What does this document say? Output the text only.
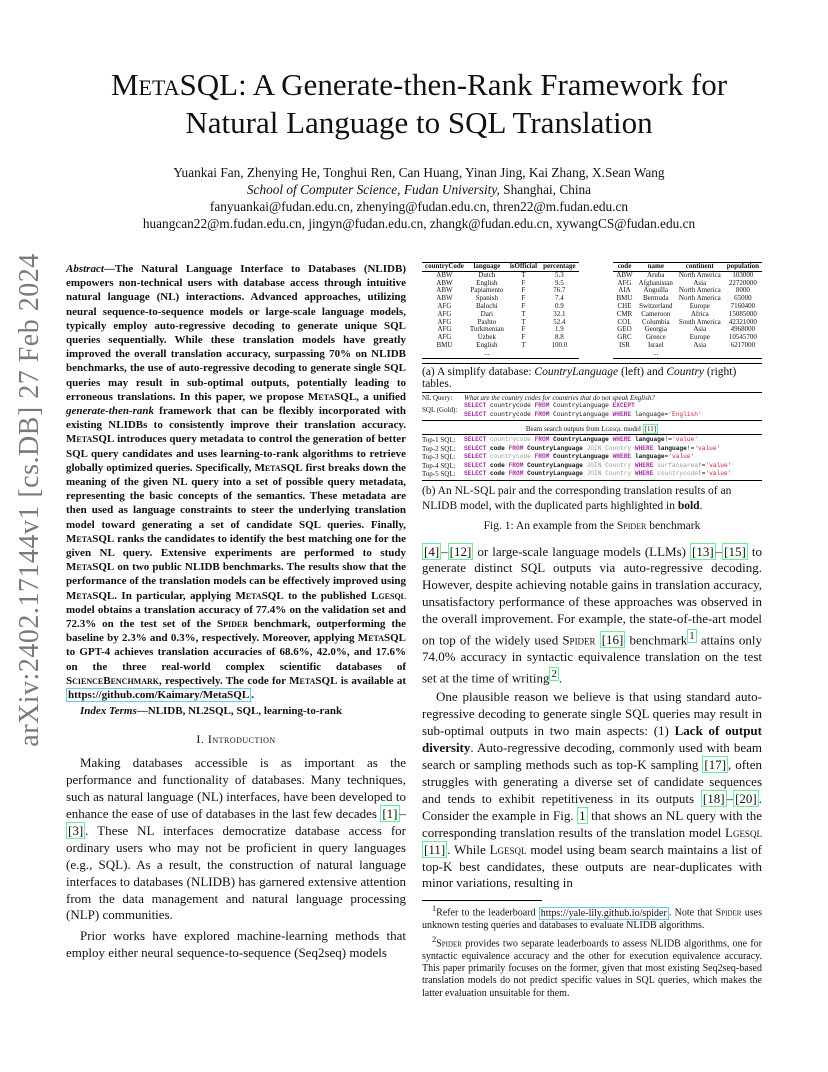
arXiv:2402.17144v1 [cs.DB] 27 Feb 2024
MetaSQL: A Generate-then-Rank Framework for
Natural Language to SQL Translation
Yuankai Fan, Zhenying He, Tonghui Ren, Can Huang, Yinan Jing, Kai Zhang, X.Sean Wang
School of Computer Science, Fudan University, Shanghai, China
fanyuankai@fudan.edu.cn, zhenying@fudan.edu.cn, thren22@m.fudan.edu.cn
huangcan22@m.fudan.edu.cn, jingyn@fudan.edu.cn, zhangk@fudan.edu.cn, xywangCS@fudan.edu.cn

Abstract—The Natural Language Interface to Databases (NLIDB) empowers non-technical users with database access through intuitive natural language (NL) interactions. Advanced approaches, utilizing neural sequence-to-sequence models or large-scale language models, typically employ auto-regressive decoding to generate unique SQL queries sequentially. While these translation models have greatly improved the overall translation accuracy, surpassing 70% on NLIDB benchmarks, the use of auto-regressive decoding to generate single SQL queries may result in sub-optimal outputs, potentially leading to erroneous translations. In this paper, we propose MetaSQL, a unified generate-then-rank framework that can be flexibly incorporated with existing NLIDBs to consistently improve their translation accuracy. MetaSQL introduces query metadata to control the generation of better SQL query candidates and uses learning-to-rank algorithms to retrieve globally optimized queries. Specifically, MetaSQL first breaks down the meaning of the given NL query into a set of possible query metadata, representing the basic concepts of the semantics. These metadata are then used as language constraints to steer the underlying translation model toward generating a set of candidate SQL queries. Finally, MetaSQL ranks the candidates to identify the best matching one for the given NL query. Extensive experiments are performed to study MetaSQL on two public NLIDB benchmarks. The results show that the performance of the translation models can be effectively improved using MetaSQL. In particular, applying MetaSQL to the published Lgesql model obtains a translation accuracy of 77.4% on the validation set and 72.3% on the test set of the Spider benchmark, outperforming the baseline by 2.3% and 0.3%, respectively. Moreover, applying MetaSQL to GPT-4 achieves translation accuracies of 68.6%, 42.0%, and 17.6% on the three real-world complex scientific databases of ScienceBenchmark, respectively. The code for MetaSQL is available at https://github.com/Kaimary/MetaSQL .

Index Terms—NLIDB, NL2SQL, SQL, learning-to-rank
I. Introduction

Making databases accessible is as important as the performance and functionality of databases. Many techniques, such as natural language (NL) interfaces, have been developed to enhance the ease of use of databases in the last few decades [1] –[3] . These NL interfaces democratize database access for ordinary users who may not be proficient in query languages (e.g., SQL). As a result, the construction of natural language interfaces to databases (NLIDB) has garnered extensive attention from the data management and natural language processing (NLP) communities.

Prior works have explored machine-learning methods that employ either neural sequence-to-sequence (Seq2seq) models

countryCode	language	isOfficial	percentage
ABW	Dutch	T	5.3
ABW	English	F	9.5
ABW	Papiamento	F	76.7
ABW	Spanish	F	7.4
AFG	Balochi	F	0.9
AFG	Dari	T	32.1
AFG	Pashto	T	52.4
AFG	Turkmenian	F	1.9
AFG	Uzbek	F	8.8
BMU	English	T	100.0
	...		
code	name	continent	population
ABW	Aruba	North America	103000
AFG	Afghanistan	Asia	22720000
AIA	Anguilla	North America	8000
BMU	Bermuda	North America	65000
CHE	Switzerland	Europe	7160400
CMR	Cameroon	Africa	15085000
COL	Columbia	South America	42321000
GEO	Georgia	Asia	4968000
GRC	Greece	Europe	10545700
ISR	Israel	Asia	6217000
	...		
(a) A simplify database: CountryLanguage (left) and Country (right) tables.
NL Query:	What are the country codes for countries that do not speak English?
SQL (Gold):
SELECT countrycode FROM CountryLanguage EXCEPT
SELECT countrycode FROM CountryLanguage WHERE language='English'
Beam search outputs from Lgesql model [11]
Top-1 SQL:	SELECT countrycode FROM CountryLanguage WHERE language!='value'
Top-2 SQL:	SELECT code FROM CountryLanguage JOIN Country WHERE language!='value'
Top-3 SQL:	SELECT countrycode FROM CountryLanguage WHERE language='value'
Top-4 SQL:	SELECT code FROM CountryLanguage JOIN Country WHERE surfacearea!='value'
Top-5 SQL:	SELECT code FROM CountryLanguage JOIN Country WHERE countrycode!='value'
(b) An NL-SQL pair and the corresponding translation results of an NLIDB model, with the duplicated parts highlighted in bold.
Fig. 1: An example from the Spider benchmark

[4] – [12] or large-scale language models (LLMs) [13] – [15] to generate distinct SQL outputs via auto-regressive decoding. However, despite achieving notable gains in translation accuracy, unsatisfactory performance of these approaches was observed in the overall improvement. For example, the state-of-the-art model on top of the widely used Spider [16] benchmark $^1$ attains only 74.0% accuracy in syntactic equivalence translation on the test set at the time of writing $^2$ .

One plausible reason we believe is that using standard auto-regressive decoding to generate single SQL queries may result in sub-optimal outputs in two main aspects: (1) Lack of output diversity. Auto-regressive decoding, commonly used with beam search or sampling methods such as top-K sampling [17] , often struggles with generating a diverse set of candidate sequences and tends to exhibit repetitiveness in its outputs [18] – [20] . Consider the example in Fig. 1 that shows an NL query with the corresponding translation results of the translation model Lgesql [11] . While Lgesql model using beam search maintains a list of top-K best candidates, these outputs are near-duplicates with minor variations, resulting in

$^1$Refer to the leaderboard https://yale-lily.github.io/spider . Note that Spider uses unknown testing queries and databases to evaluate NLIDB algorithms.

$^2$Spider provides two separate leaderboards to assess NLIDB algorithms, one for syntactic equivalence accuracy and the other for execution equivalence accuracy. This paper primarily focuses on the former, given that most existing Seq2seq-based translation models do not predict specific values in SQL queries, which makes the latter evaluation unsuitable for them.
